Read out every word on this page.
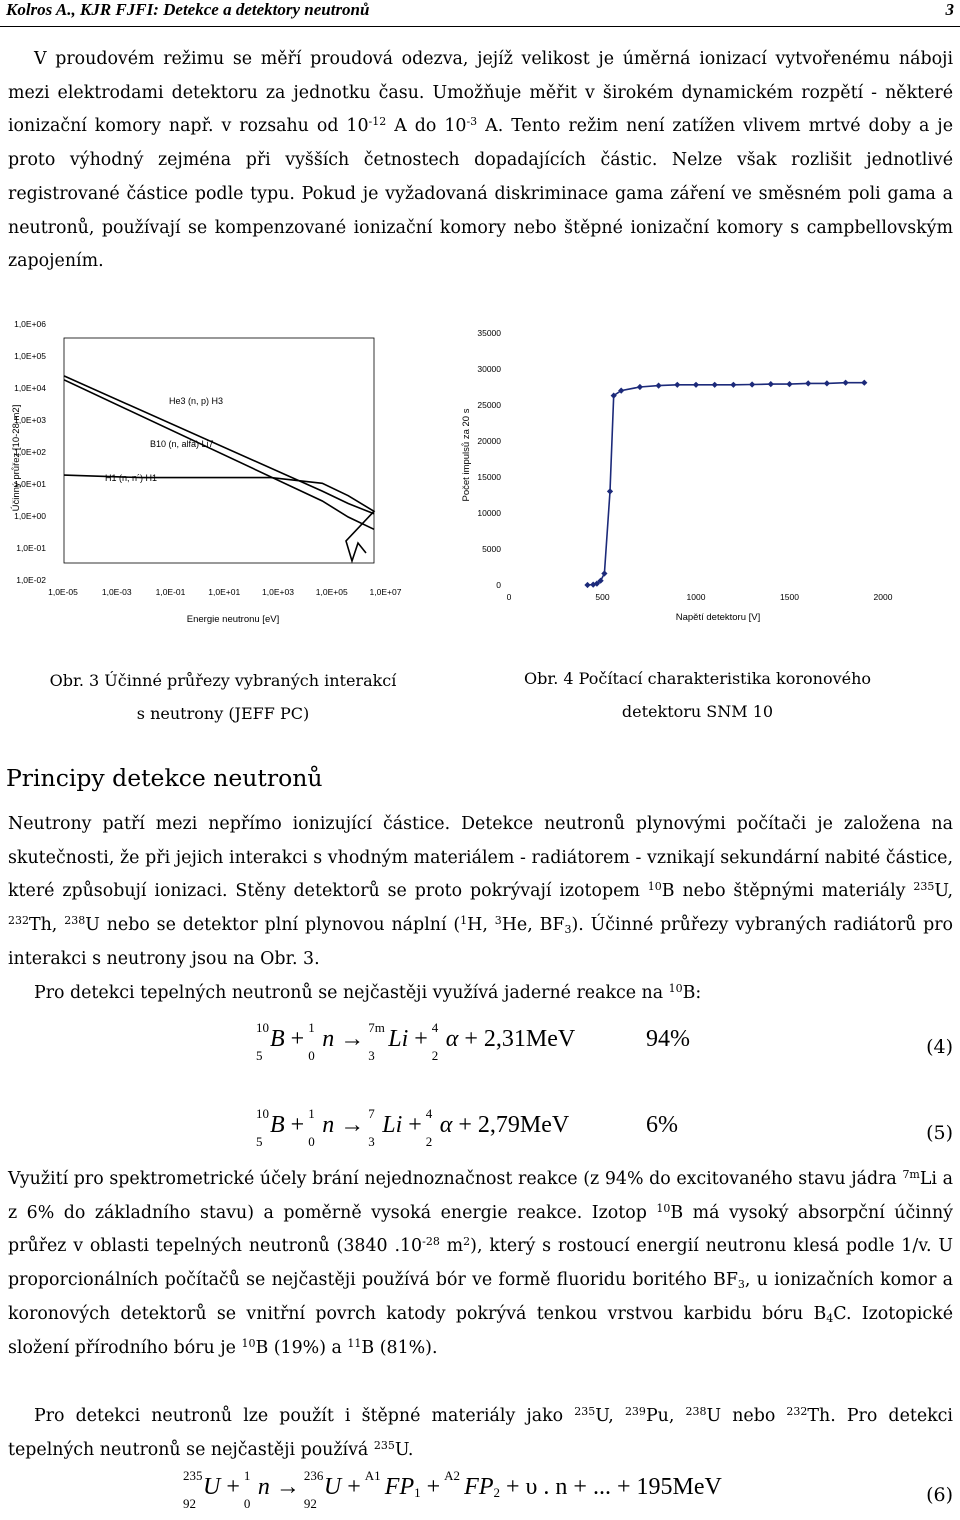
Kolros A., KJR FJFI: Detekce a detektory neutronů	3
V proudovém režimu se měří proudová odezva, jejíž velikost je úměrná ionizací vytvořenému náboji mezi elektrodami detektoru za jednotku času. Umožňuje měřit v širokém dynamickém rozpětí - některé ionizační komory např. v rozsahu od $10^{-12}$ A do $10^{-3}$ A. Tento režim není zatížen vlivem mrtvé doby a je proto výhodný zejména při vyšších četnostech dopadajících částic. Nelze však rozlišit jednotlivé registrované částice podle typu. Pokud je vyžadovaná diskriminace gama záření ve směsném poli gama a neutronů, používají se kompenzované ionizační komory nebo štěpné ionizační komory s campbellovským zapojením.
1,0E+06
1,0E+05
1,0E+04
1,0E+03
1,0E+02
1,0E+01
1,0E+00
1,0E-01
1,0E-02
1,0E-05	1,0E-03	1,0E-01	1,0E+01	1,0E+03	1,0E+05	1,0E+07
Účinný průřez [10-28 m2]
Energie neutronu [eV]
He3 (n, p) H3
B10 (n, alfa) Li7
H1 (n, n´) H1
35000
30000
25000
20000
15000
10000
5000
0
0	500	1000	1500	2000
Počet impulsů za 20 s
Napětí detektoru [V]
Obr. 3 Účinné průřezy vybraných interakcí
s neutrony (JEFF PC)
Obr. 4 Počítací charakteristika koronového
detektoru SNM 10
Principy detekce neutronů
Neutrony patří mezi nepřímo ionizující částice. Detekce neutronů plynovými počítači je založena na skutečnosti, že při jejich interakci s vhodným materiálem - radiátorem - vznikají sekundární nabité částice, které způsobují ionizaci. Stěny detektorů se proto pokrývají izotopem $^{10}$B nebo štěpnými materiály $^{235}$U, $^{232}$Th, $^{238}$U nebo se detektor plní plynovou náplní ($^1$H, $^3$He, $BF_3$). Účinné průřezy vybraných radiátorů pro interakci s neutrony jsou na Obr. 3.
Pro detekci tepelných neutronů se nejčastěji využívá jaderné reakce na $^{10}$B:
10
5
B +
1
0
n → 7m
3
Li +
4
2
α + 2,31MeV	94%	(4)
10
5
B +
1
0
n → 7
3
Li +
4
2
α + 2,79MeV	6%	(5)
Využití pro spektrometrické účely brání nejednoznačnost reakce (z 94% do excitovaného stavu jádra $^{7m}$Li a z 6% do základního stavu) a poměrně vysoká energie reakce. Izotop $^{10}$B má vysoký absorpční účinný průřez v oblasti tepelných neutronů (3840 $.10^{-28}$ $m^2$), který s rostoucí energií neutronu klesá podle 1/v. U proporcionálních počítačů se nejčastěji používá bór ve formě fluoridu boritého $BF_3$, u ionizačních komor a koronových detektorů se vnitřní povrch katody pokrývá tenkou vrstvou karbidu bóru $B_4C$. Izotopické složení přírodního bóru je $^{10}$B (19%) a $^{11}$B (81%).
Pro detekci neutronů lze použít i štěpné materiály jako $^{235}$U, $^{239}$Pu, $^{238}$U nebo $^{232}$Th. Pro detekci tepelných neutronů se nejčastěji používá $^{235}$U.
235
92
U +
1
0
n → 236
92
U +
A1 $FP_1$ +
A2 $FP_2 + \upsilon$ . n + ... + 195MeV	(6)
